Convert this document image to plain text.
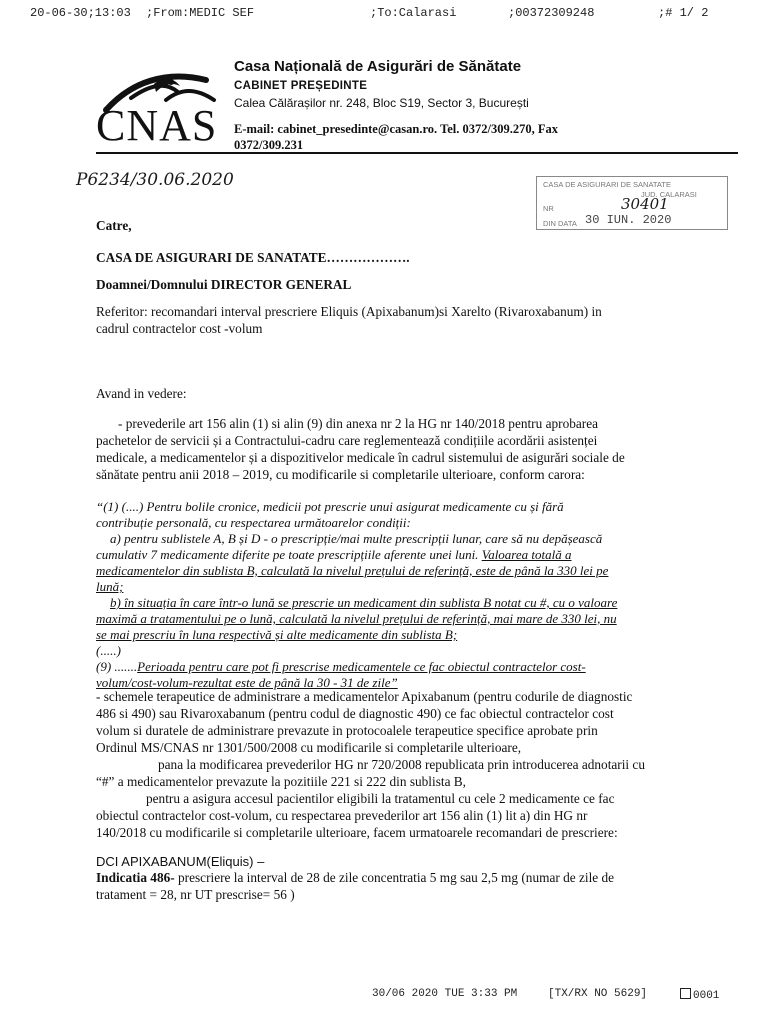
20-06-30;13:03 ;From:MEDIC SEF	;To:Calarasi	;00372309248	;# 1/ 2
CNAS
Casa Națională de Asigurări de Sănătate
CABINET PREȘEDINTE
Calea Călărașilor nr. 248, Bloc S19, Sector 3, București
E-mail: cabinet_presedinte@casan.ro. Tel. 0372/309.270, Fax
0372/309.231
P6234/30.06.2020	CASA DE ASIGURARI DE SANATATE
JUD. CALARASI
NR	30401
DIN DATA 30 IUN. 2020
Catre,
CASA DE ASIGURARI DE SANATATE……………….
Doamnei/Domnului DIRECTOR GENERAL
Referitor: recomandari interval prescriere Eliquis (Apixabanum)si Xarelto (Rivaroxabanum) in
cadrul contractelor cost -volum
Avand in vedere:
- prevederile art 156 alin (1) si alin (9) din anexa nr 2 la HG nr 140/2018 pentru aprobarea
pachetelor de servicii și a Contractului-cadru care reglementează condițiile acordării asistenței
medicale, a medicamentelor și a dispozitivelor medicale în cadrul sistemului de asigurări sociale de
sănătate pentru anii 2018 – 2019, cu modificarile si completarile ulterioare, conform carora:
“(1) (....) Pentru bolile cronice, medicii pot prescrie unui asigurat medicamente cu și fără
contribuție personală, cu respectarea următoarelor condiții:
a) pentru sublistele A, B și D - o prescripție/mai multe prescripții lunar, care să nu depășească
cumulativ 7 medicamente diferite pe toate prescripțiile aferente unei luni. Valoarea totală a
medicamentelor din sublista B, calculată la nivelul prețului de referință, este de până la 330 lei pe
lună;
b) în situația în care într-o lună se prescrie un medicament din sublista B notat cu #, cu o valoare
maximă a tratamentului pe o lună, calculată la nivelul prețului de referință, mai mare de 330 lei, nu
se mai prescriu în luna respectivă și alte medicamente din sublista B;
(.....)
(9) .......Perioada pentru care pot fi prescrise medicamentele ce fac obiectul contractelor cost-
volum/cost-volum-rezultat este de până la 30 - 31 de zile”
- schemele terapeutice de administrare a medicamentelor Apixabanum (pentru codurile de diagnostic
486 si 490) sau Rivaroxabanum (pentru codul de diagnostic 490) ce fac obiectul contractelor cost
volum si duratele de administrare prevazute in protocoalele terapeutice specifice aprobate prin
Ordinul MS/CNAS nr 1301/500/2008 cu modificarile si completarile ulterioare,
pana la modificarea prevederilor HG nr 720/2008 republicata prin introducerea adnotarii cu
“#” a medicamentelor prevazute la pozitiile 221 si 222 din sublista B,
pentru a asigura accesul pacientilor eligibili la tratamentul cu cele 2 medicamente ce fac
obiectul contractelor cost-volum, cu respectarea prevederilor art 156 alin (1) lit a) din HG nr
140/2018 cu modificarile si completarile ulterioare, facem urmatoarele recomandari de prescriere:
DCI APIXABANUM(Eliquis) –
Indicatia 486- prescriere la interval de 28 de zile concentratia 5 mg sau 2,5 mg (numar de zile de
tratament = 28, nr UT prescrise= 56 )
30/06 2020 TUE 3:33 PM	[TX/RX NO 5629]	0001
